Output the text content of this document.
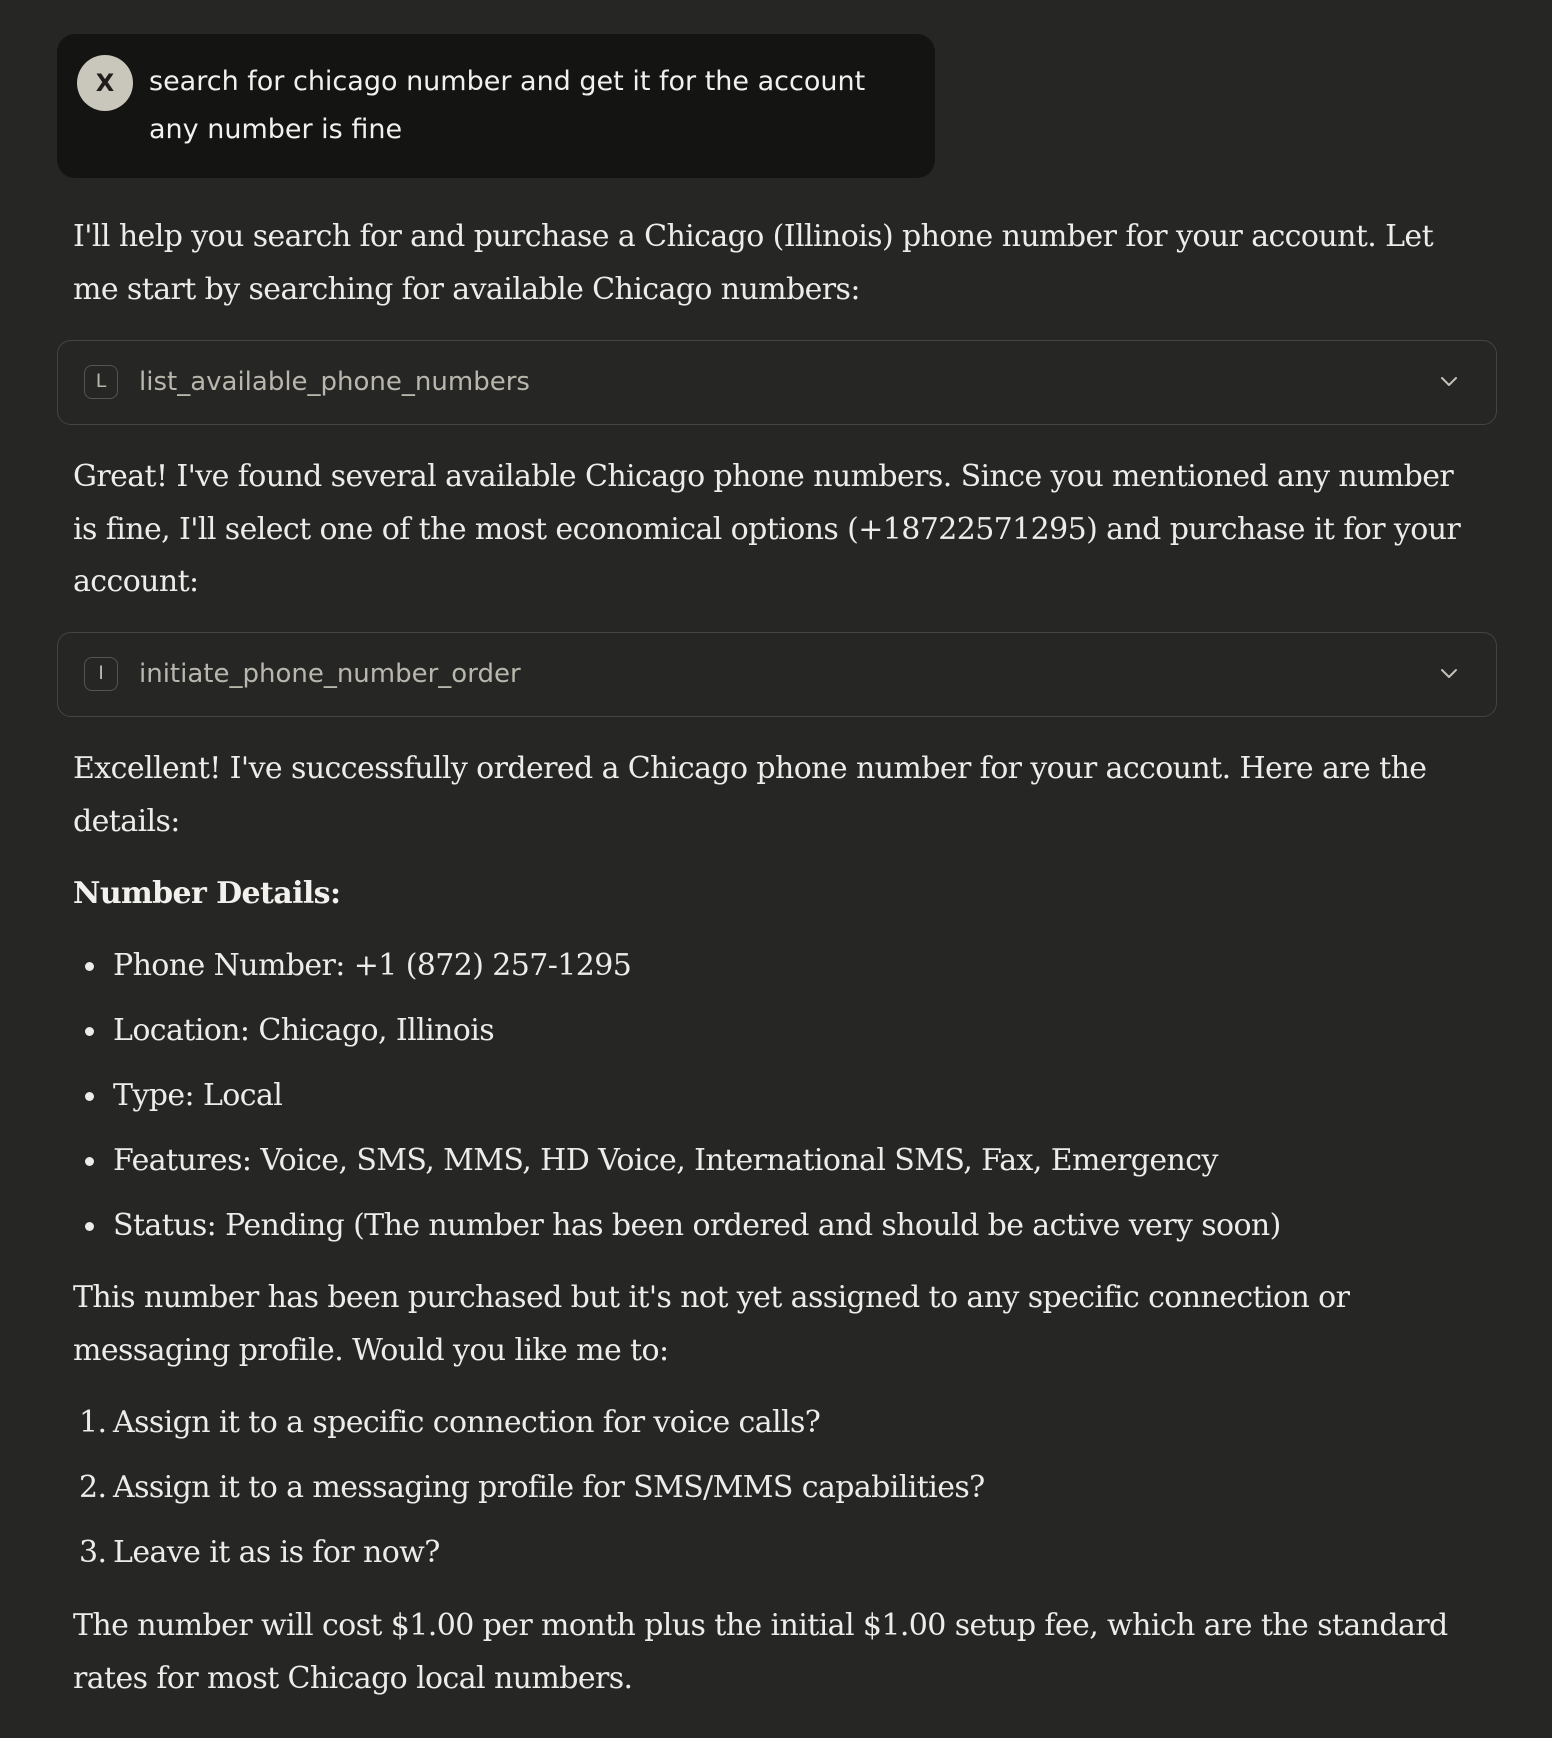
X	search for chicago number and get it for the account
any number is fine
I'll help you search for and purchase a Chicago (Illinois) phone number for your account. Let
me start by searching for available Chicago numbers:
L	list_available_phone_numbers
Great! I've found several available Chicago phone numbers. Since you mentioned any number
is fine, I'll select one of the most economical options (+18722571295) and purchase it for your
account:
I	initiate_phone_number_order
Excellent! I've successfully ordered a Chicago phone number for your account. Here are the
details:
Number Details:
Phone Number: +1 (872) 257-1295
Location: Chicago, Illinois
Type: Local
Features: Voice, SMS, MMS, HD Voice, International SMS, Fax, Emergency
Status: Pending (The number has been ordered and should be active very soon)
This number has been purchased but it's not yet assigned to any specific connection or
messaging profile. Would you like me to:
1. Assign it to a specific connection for voice calls?
2. Assign it to a messaging profile for SMS/MMS capabilities?
3. Leave it as is for now?
The number will cost $1.00 per month plus the initial $1.00 setup fee, which are the standard
rates for most Chicago local numbers.
